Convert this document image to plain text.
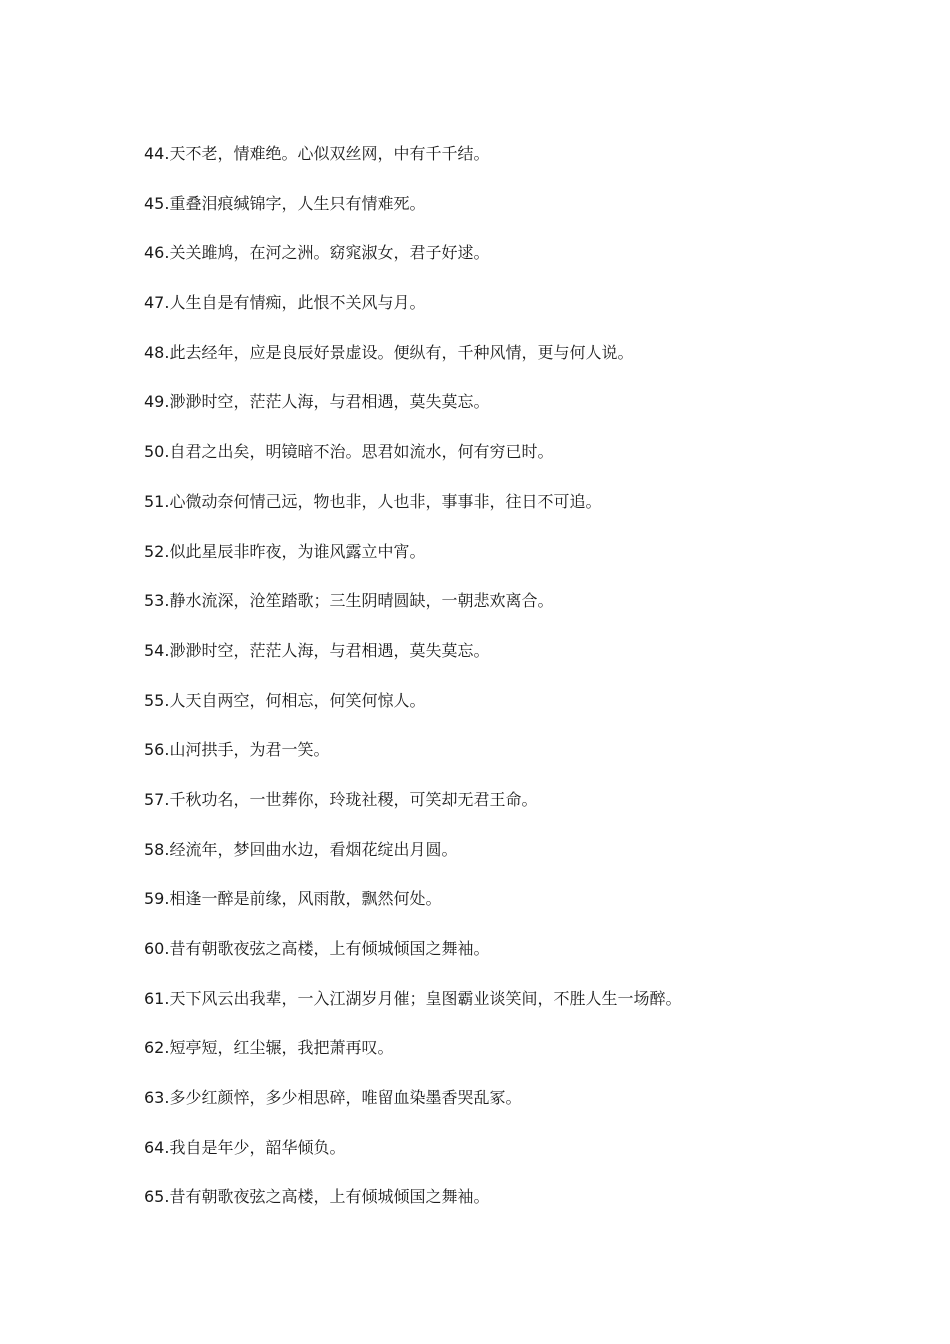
44.天不老，情难绝。心似双丝网，中有千千结。
45.重叠泪痕缄锦字，人生只有情难死。
46.关关雎鸠，在河之洲。窈窕淑女，君子好逑。
47.人生自是有情痴，此恨不关风与月。
48.此去经年，应是良辰好景虚设。便纵有，千种风情，更与何人说。
49.渺渺时空，茫茫人海，与君相遇，莫失莫忘。
50.自君之出矣，明镜暗不治。思君如流水，何有穷已时。
51.心微动奈何情己远，物也非，人也非，事事非，往日不可追。
52.似此星辰非昨夜，为谁风露立中宵。
53.静水流深，沧笙踏歌；三生阴晴圆缺，一朝悲欢离合。
54.渺渺时空，茫茫人海，与君相遇，莫失莫忘。
55.人天自两空，何相忘，何笑何惊人。
56.山河拱手，为君一笑。
57.千秋功名，一世葬你，玲珑社稷，可笑却无君王命。
58.经流年，梦回曲水边，看烟花绽出月圆。
59.相逢一醉是前缘，风雨散，飘然何处。
60.昔有朝歌夜弦之高楼，上有倾城倾国之舞袖。
61.天下风云出我辈，一入江湖岁月催；皇图霸业谈笑间，不胜人生一场醉。
62.短亭短，红尘辗，我把萧再叹。
63.多少红颜悴，多少相思碎，唯留血染墨香哭乱冢。
64.我自是年少，韶华倾负。
65.昔有朝歌夜弦之高楼，上有倾城倾国之舞袖。
